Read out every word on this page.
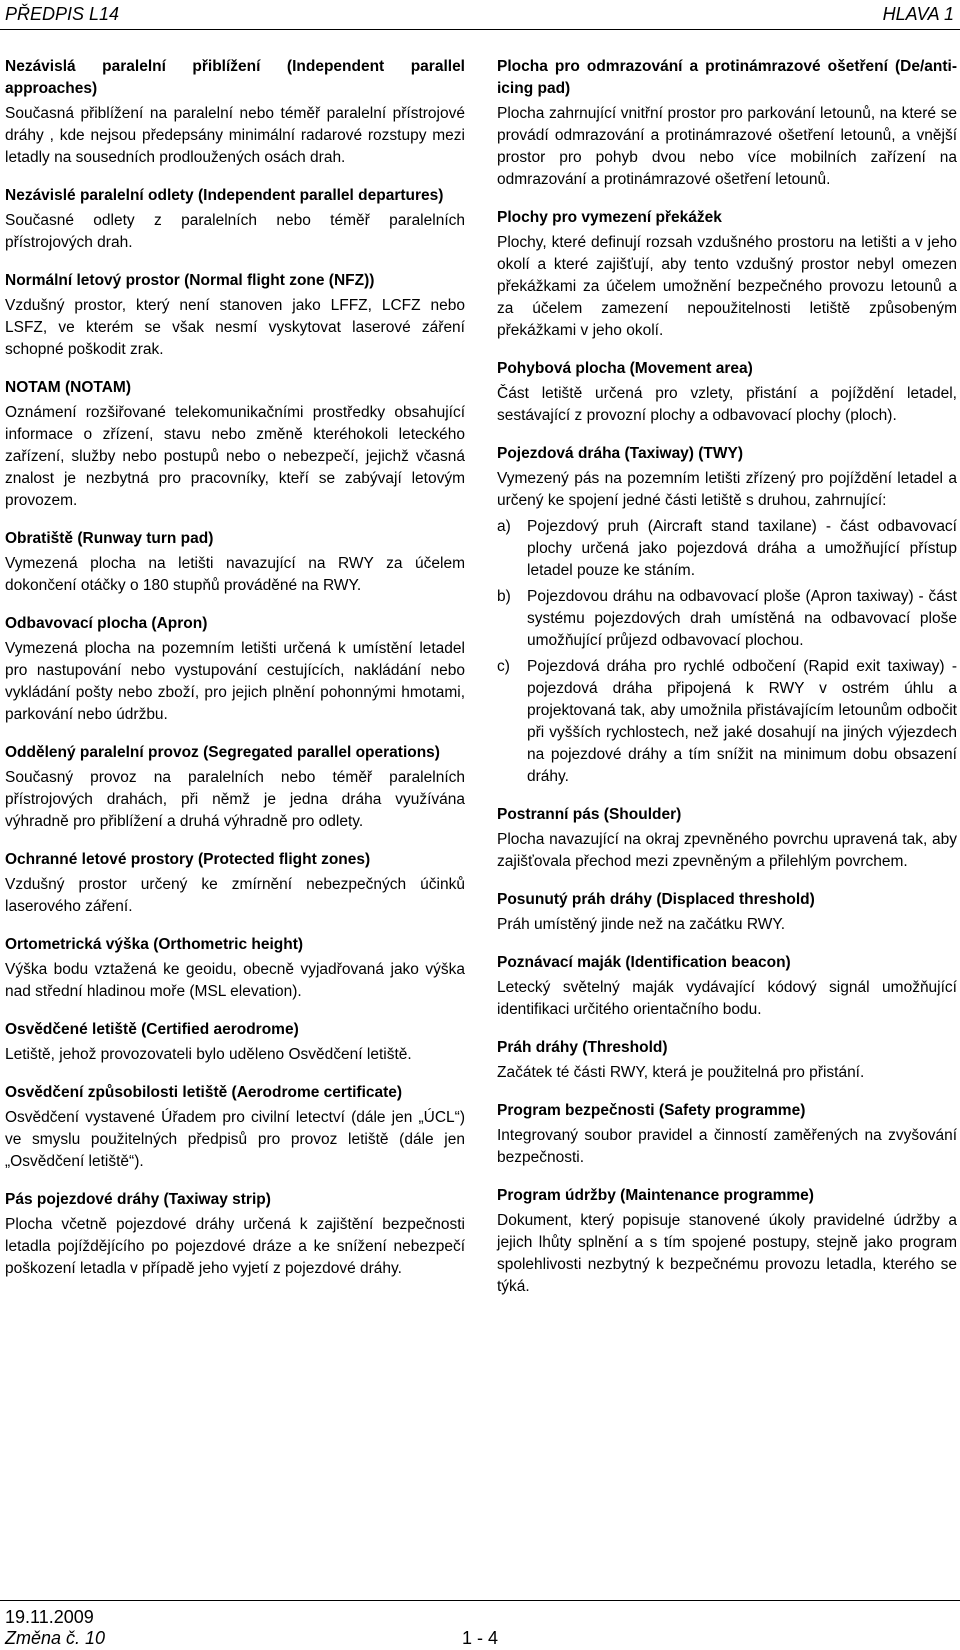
PŘEDPIS L14	HLAVA 1
Nezávislá paralelní přiblížení (Independent parallel approaches)
Současná přiblížení na paralelní nebo téměř paralelní přístrojové dráhy , kde nejsou předepsány minimální radarové rozstupy mezi letadly na sousedních prodloužených osách drah.
Nezávislé paralelní odlety (Independent parallel departures)
Současné odlety z paralelních nebo téměř paralelních přístrojových drah.
Normální letový prostor (Normal flight zone (NFZ))
Vzdušný prostor, který není stanoven jako LFFZ, LCFZ nebo LSFZ, ve kterém se však nesmí vyskytovat laserové záření schopné poškodit zrak.
NOTAM (NOTAM)
Oznámení rozšiřované telekomunikačními prostředky obsahující informace o zřízení, stavu nebo změně kteréhokoli leteckého zařízení, služby nebo postupů nebo o nebezpečí, jejichž včasná znalost je nezbytná pro pracovníky, kteří se zabývají letovým provozem.
Obratiště (Runway turn pad)
Vymezená plocha na letišti navazující na RWY za účelem dokončení otáčky o 180 stupňů prováděné na RWY.
Odbavovací plocha (Apron)
Vymezená plocha na pozemním letišti určená k umístění letadel pro nastupování nebo vystupování cestujících, nakládání nebo vykládání pošty nebo zboží, pro jejich plnění pohonnými hmotami, parkování nebo údržbu.
Oddělený paralelní provoz (Segregated parallel operations)
Současný provoz na paralelních nebo téměř paralelních přístrojových drahách, při němž je jedna dráha využívána výhradně pro přiblížení a druhá výhradně pro odlety.
Ochranné letové prostory (Protected flight zones)
Vzdušný prostor určený ke zmírnění nebezpečných účinků laserového záření.
Ortometrická výška (Orthometric height)
Výška bodu vztažená ke geoidu, obecně vyjadřovaná jako výška nad střední hladinou moře (MSL elevation).
Osvědčené letiště (Certified aerodrome)
Letiště, jehož provozovateli bylo uděleno Osvědčení letiště.
Osvědčení způsobilosti letiště (Aerodrome certificate)
Osvědčení vystavené Úřadem pro civilní letectví (dále jen „ÚCL“) ve smyslu použitelných předpisů pro provoz letiště (dále jen „Osvědčení letiště“).
Pás pojezdové dráhy (Taxiway strip)
Plocha včetně pojezdové dráhy určená k zajištění bezpečnosti letadla pojíždějícího po pojezdové dráze a ke snížení nebezpečí poškození letadla v případě jeho vyjetí z pojezdové dráhy.
Plocha pro odmrazování a protinámrazové ošetření (De/anti-icing pad)
Plocha zahrnující vnitřní prostor pro parkování letounů, na které se provádí odmrazování a protinámrazové ošetření letounů, a vnější prostor pro pohyb dvou nebo více mobilních zařízení na odmrazování a protinámrazové ošetření letounů.
Plochy pro vymezení překážek
Plochy, které definují rozsah vzdušného prostoru na letišti a v jeho okolí a které zajišťují, aby tento vzdušný prostor nebyl omezen překážkami za účelem umožnění bezpečného provozu letounů a za účelem zamezení nepoužitelnosti letiště způsobeným překážkami v jeho okolí.
Pohybová plocha (Movement area)
Část letiště určená pro vzlety, přistání a pojíždění letadel, sestávající z provozní plochy a odbavovací plochy (ploch).
Pojezdová dráha (Taxiway) (TWY)
Vymezený pás na pozemním letišti zřízený pro pojíždění letadel a určený ke spojení jedné části letiště s druhou, zahrnující:
a) Pojezdový pruh (Aircraft stand taxilane) - část odbavovací plochy určená jako pojezdová dráha a umožňující přístup letadel pouze ke stáním.
b) Pojezdovou dráhu na odbavovací ploše (Apron taxiway) - část systému pojezdových drah umístěná na odbavovací ploše umožňující průjezd odbavovací plochou.
c) Pojezdová dráha pro rychlé odbočení (Rapid exit taxiway) - pojezdová dráha připojená k RWY v ostrém úhlu a projektovaná tak, aby umožnila přistávajícím letounům odbočit při vyšších rychlostech, než jaké dosahují na jiných výjezdech na pojezdové dráhy a tím snížit na minimum dobu obsazení dráhy.
Postranní pás (Shoulder)
Plocha navazující na okraj zpevněného povrchu upravená tak, aby zajišťovala přechod mezi zpevněným a přilehlým povrchem.
Posunutý práh dráhy (Displaced threshold)
Práh umístěný jinde než na začátku RWY.
Poznávací maják (Identification beacon)
Letecký světelný maják vydávající kódový signál umožňující identifikaci určitého orientačního bodu.
Práh dráhy (Threshold)
Začátek té části RWY, která je použitelná pro přistání.
Program bezpečnosti (Safety programme)
Integrovaný soubor pravidel a činností zaměřených na zvyšování bezpečnosti.
Program údržby (Maintenance programme)
Dokument, který popisuje stanovené úkoly pravidelné údržby a jejich lhůty splnění a s tím spojené postupy, stejně jako program spolehlivosti nezbytný k bezpečnému provozu letadla, kterého se týká.
19.11.2009
Změna č. 10	1 - 4
